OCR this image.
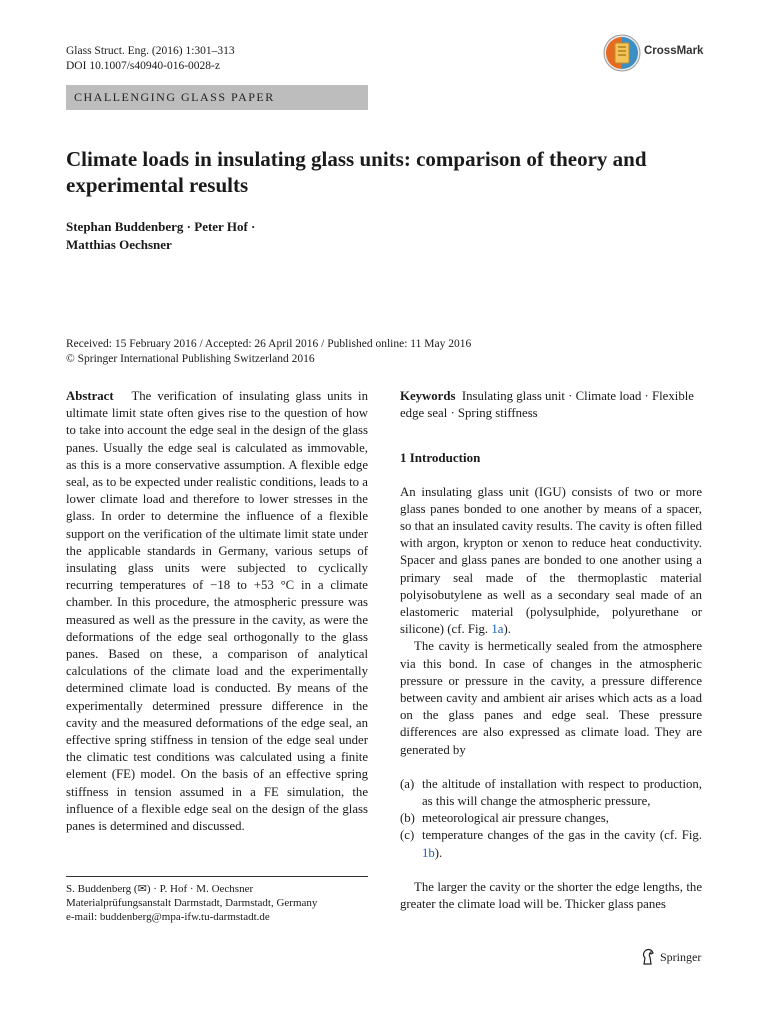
Glass Struct. Eng. (2016) 1:301–313
DOI 10.1007/s40940-016-0028-z
CrossMark
CHALLENGING GLASS PAPER
Climate loads in insulating glass units: comparison of theory and experimental results
Stephan Buddenberg · Peter Hof ·
Matthias Oechsner
Received: 15 February 2016 / Accepted: 26 April 2016 / Published online: 11 May 2016
© Springer International Publishing Switzerland 2016

Abstract The verification of insulating glass units in ultimate limit state often gives rise to the question of how to take into account the edge seal in the design of the glass panes. Usually the edge seal is calculated as immovable, as this is a more conservative assumption. A flexible edge seal, as to be expected under realistic conditions, leads to a lower climate load and therefore to lower stresses in the glass. In order to determine the influence of a flexible support on the verification of the ultimate limit state under the applicable standards in Germany, various setups of insulating glass units were subjected to cyclically recurring temperatures of −18 to +53 °C in a climate chamber. In this procedure, the atmospheric pressure was measured as well as the pressure in the cavity, as were the deformations of the edge seal orthogonally to the glass panes. Based on these, a comparison of analytical calculations of the climate load and the experimentally determined climate load is conducted. By means of the experimentally determined pressure difference in the cavity and the measured deformations of the edge seal, an effective spring stiffness in tension of the edge seal under the climatic test conditions was calculated using a finite element (FE) model. On the basis of an effective spring stiffness in tension assumed in a FE simulation, the influence of a flexible edge seal on the design of the glass panes is determined and discussed.

S. Buddenberg (✉) · P. Hof · M. Oechsner
Materialprüfungsanstalt Darmstadt, Darmstadt, Germany
e-mail: buddenberg@mpa-ifw.tu-darmstadt.de

Keywords Insulating glass unit · Climate load · Flexible edge seal · Spring stiffness

1 Introduction

An insulating glass unit (IGU) consists of two or more glass panes bonded to one another by means of a spacer, so that an insulated cavity results. The cavity is often filled with argon, krypton or xenon to reduce heat conductivity. Spacer and glass panes are bonded to one another using a primary seal made of the thermoplastic material polyisobutylene as well as a secondary seal made of an elastomeric material (polysulphide, polyurethane or silicone) (cf. Fig. 1a).

The cavity is hermetically sealed from the atmosphere via this bond. In case of changes in the atmospheric pressure or pressure in the cavity, a pressure difference between cavity and ambient air arises which acts as a load on the glass panes and edge seal. These pressure differences are also expressed as climate load. They are generated by

(a) the altitude of installation with respect to production, as this will change the atmospheric pressure,
(b) meteorological air pressure changes,
(c) temperature changes of the gas in the cavity (cf. Fig. 1b).

The larger the cavity or the shorter the edge lengths, the greater the climate load will be. Thicker glass panes

Springer
